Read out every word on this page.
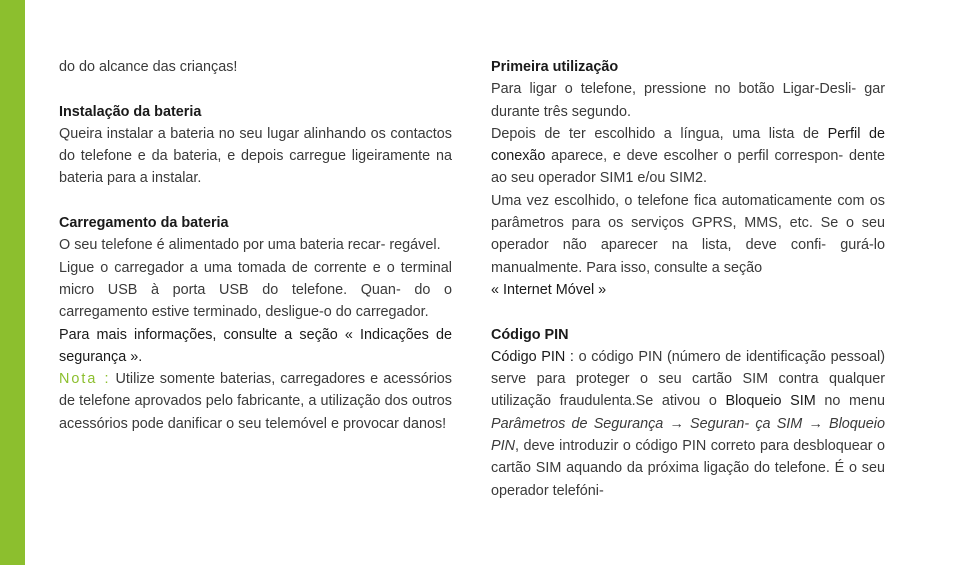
do do alcance das crianças!

Instalação da bateria
Queira instalar a bateria no seu lugar alinhando os contactos do telefone e da bateria, e depois carregue ligeiramente na bateria para a instalar.

Carregamento da bateria
O seu telefone é alimentado por uma bateria recar- regável.

Ligue o carregador a uma tomada de corrente e o terminal micro USB à porta USB do telefone. Quan- do o carregamento estive terminado, desligue-o do carregador.

Para mais informações, consulte a seção « Indicações de segurança ».

Nota : Utilize somente baterias, carregadores e acessórios de telefone aprovados pelo fabricante, a utilização dos outros acessórios pode danificar o seu telemóvel e provocar danos!

Primeira utilização
Para ligar o telefone, pressione no botão Ligar-Desli- gar durante três segundo.

Depois de ter escolhido a língua, uma lista de Perfil de conexão aparece, e deve escolher o perfil correspon- dente ao seu operador SIM1 e/ou SIM2.

Uma vez escolhido, o telefone fica automaticamente com os parâmetros para os serviços GPRS, MMS, etc. Se o seu operador não aparecer na lista, deve confi- gurá-lo manualmente. Para isso, consulte a seção
« Internet Móvel »

Código PIN
Código PIN : o código PIN (número de identificação pessoal) serve para proteger o seu cartão SIM contra qualquer utilização fraudulenta.Se ativou o Bloqueio SIM no menu Parâmetros de Segurança → Seguran- ça SIM → Bloqueio PIN, deve introduzir o código PIN correto para desbloquear o cartão SIM aquando da próxima ligação do telefone. É o seu operador telefóni-
